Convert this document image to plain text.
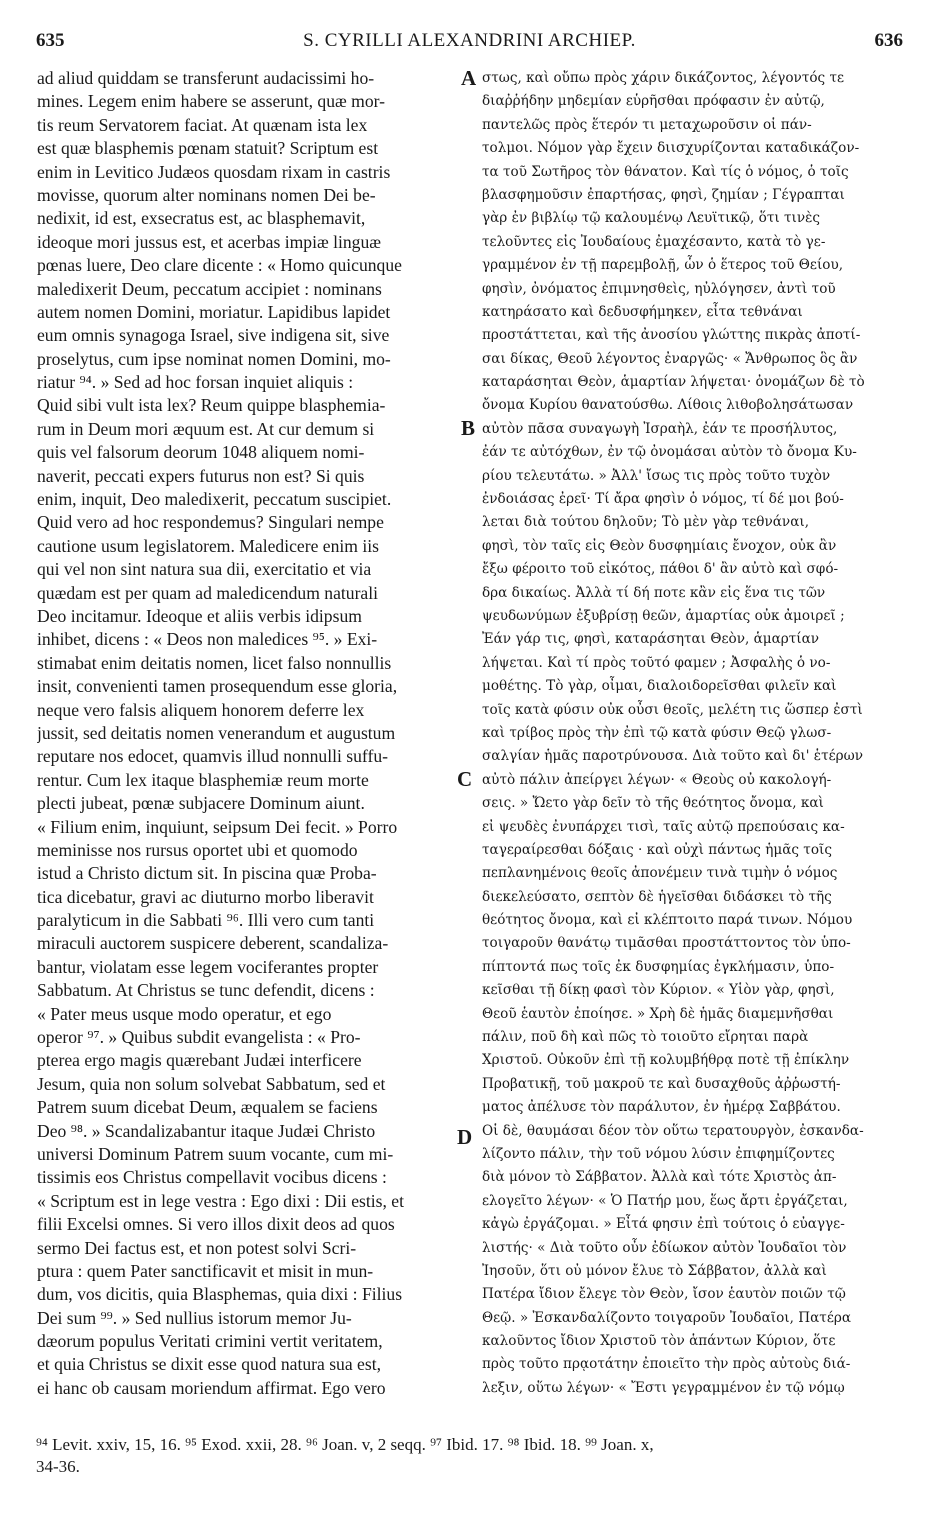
635	S. CYRILLI ALEXANDRINI ARCHIEP.	636
ad aliud quiddam se transferunt audacissimi ho-
mines. Legem enim habere se asserunt, quæ mor-
tis reum Servatorem faciat. At quænam ista lex
est quæ blasphemis pœnam statuit? Scriptum est
enim in Levitico Judæos quosdam rixam in castris
movisse, quorum alter nominans nomen Dei be-
nedixit, id est, exsecratus est, ac blasphemavit,
ideoque mori jussus est, et acerbas impiæ linguæ
pœnas luere, Deo clare dicente : « Homo quicunque
maledixerit Deum, peccatum accipiet : nominans
autem nomen Domini, moriatur. Lapidibus lapidet
eum omnis synagoga Israel, sive indigena sit, sive
proselytus, cum ipse nominat nomen Domini, mo-
riatur ⁹⁴. » Sed ad hoc forsan inquiet aliquis :
Quid sibi vult ista lex? Reum quippe blasphemia-
rum in Deum mori æquum est. At cur demum si
quis vel falsorum deorum 1048 aliquem nomi-
naverit, peccati expers futurus non est? Si quis
enim, inquit, Deo maledixerit, peccatum suscipiet.
Quid vero ad hoc respondemus? Singulari nempe
cautione usum legislatorem. Maledicere enim iis
qui vel non sint natura sua dii, exercitatio et via
quædam est per quam ad maledicendum naturali
Deo incitamur. Ideoque et aliis verbis idipsum
inhibet, dicens : « Deos non maledices ⁹⁵. » Exi-
stimabat enim deitatis nomen, licet falso nonnullis
insit, convenienti tamen prosequendum esse gloria,
neque vero falsis aliquem honorem deferre lex
jussit, sed deitatis nomen venerandum et augustum
reputare nos edocet, quamvis illud nonnulli suffu-
rentur. Cum lex itaque blasphemiæ reum morte
plecti jubeat, pœnæ subjacere Dominum aiunt.
« Filium enim, inquiunt, seipsum Dei fecit. » Porro
meminisse nos rursus oportet ubi et quomodo
istud a Christo dictum sit. In piscina quæ Proba-
tica dicebatur, gravi ac diuturno morbo liberavit
paralyticum in die Sabbati ⁹⁶. Illi vero cum tanti
miraculi auctorem suspicere deberent, scandaliza-
bantur, violatam esse legem vociferantes propter
Sabbatum. At Christus se tunc defendit, dicens :
« Pater meus usque modo operatur, et ego
operor ⁹⁷. » Quibus subdit evangelista : « Pro-
pterea ergo magis quærebant Judæi interficere
Jesum, quia non solum solvebat Sabbatum, sed et
Patrem suum dicebat Deum, æqualem se faciens
Deo ⁹⁸. » Scandalizabantur itaque Judæi Christo
universi Dominum Patrem suum vocante, cum mi-
tissimis eos Christus compellavit vocibus dicens :
« Scriptum est in lege vestra : Ego dixi : Dii estis, et
filii Excelsi omnes. Si vero illos dixit deos ad quos
sermo Dei factus est, et non potest solvi Scri-
ptura : quem Pater sanctificavit et misit in mun-
dum, vos dicitis, quia Blasphemas, quia dixi : Filius
Dei sum ⁹⁹. » Sed nullius istorum memor Ju-
dæorum populus Veritati crimini vertit veritatem,
et quia Christus se dixit esse quod natura sua est,
ei hanc ob causam moriendum affirmat. Ego vero
στως, καὶ οὔπω πρὸς χάριν δικάζοντος, λέγοντός τε
διαῤῥήδην μηδεμίαν εὑρῆσθαι πρόφασιν ἐν αὐτῷ,
παντελῶς πρὸς ἕτερόν τι μεταχωροῦσιν οἱ πάν-
τολμοι. Νόμον γὰρ ἔχειν διισχυρίζονται καταδικάζον-
τα τοῦ Σωτῆρος τὸν θάνατον. Καὶ τίς ὁ νόμος, ὁ τοῖς
βλασφημοῦσιν ἐπαρτήσας, φησὶ, ζημίαν ; Γέγραπται
γὰρ ἐν βιβλίῳ τῷ καλουμένῳ Λευϊτικῷ, ὅτι τινὲς
τελοῦντες εἰς Ἰουδαίους ἐμαχέσαντο, κατὰ τὸ γε-
γραμμένον ἐν τῇ παρεμβολῇ, ὧν ὁ ἕτερος τοῦ Θείου,
φησὶν, ὀνόματος ἐπιμνησθεὶς, ηὐλόγησεν, ἀντὶ τοῦ
κατηράσατο καὶ δεδυσφήμηκεν, εἶτα τεθνάναι
προστάττεται, καὶ τῆς ἀνοσίου γλώττης πικρὰς ἀποτί-
σαι δίκας, Θεοῦ λέγοντος ἐναργῶς· « Ἄνθρωπος ὃς ἂν
καταράσηται Θεὸν, ἁμαρτίαν λήψεται· ὀνομάζων δὲ τὸ
ὄνομα Κυρίου θανατούσθω. Λίθοις λιθοβολησάτωσαν
αὐτὸν πᾶσα συναγωγὴ Ἰσραὴλ, ἐάν τε προσήλυτος,
ἐάν τε αὐτόχθων, ἐν τῷ ὀνομάσαι αὐτὸν τὸ ὄνομα Κυ-
ρίου τελευτάτω. » Ἀλλ' ἴσως τις πρὸς τοῦτο τυχὸν
ἐνδοιάσας ἐρεῖ· Τί ἄρα φησὶν ὁ νόμος, τί δέ μοι βού-
λεται διὰ τούτου δηλοῦν; Τὸ μὲν γὰρ τεθνάναι,
φησὶ, τὸν ταῖς εἰς Θεὸν δυσφημίαις ἔνοχον, οὐκ ἂν
ἔξω φέροιτο τοῦ εἰκότος, πάθοι δ' ἂν αὐτὸ καὶ σφό-
δρα δικαίως. Ἀλλὰ τί δή ποτε κἂν εἰς ἕνα τις τῶν
ψευδωνύμων ἐξυβρίσῃ θεῶν, ἁμαρτίας οὐκ ἀμοιρεῖ ;
Ἐάν γάρ τις, φησὶ, καταράσηται Θεὸν, ἁμαρτίαν
λήψεται. Καὶ τί πρὸς τοῦτό φαμεν ; Ἀσφαλὴς ὁ νο-
μοθέτης. Τὸ γὰρ, οἶμαι, διαλοιδορεῖσθαι φιλεῖν καὶ
τοῖς κατὰ φύσιν οὐκ οὖσι θεοῖς, μελέτη τις ὥσπερ ἐστὶ
καὶ τρίβος πρὸς τὴν ἐπὶ τῷ κατὰ φύσιν Θεῷ γλωσ-
σαλγίαν ἡμᾶς παροτρύνουσα. Διὰ τοῦτο καὶ δι' ἑτέρων
αὐτὸ πάλιν ἀπείργει λέγων· « Θεοὺς οὐ κακολογή-
σεις. » Ὤετο γὰρ δεῖν τὸ τῆς θεότητος ὄνομα, καὶ
εἰ ψευδὲς ἐνυπάρχει τισὶ, ταῖς αὐτῷ πρεπούσαις κα-
ταγεραίρεσθαι δόξαις · καὶ οὐχὶ πάντως ἡμᾶς τοῖς
πεπλανημένοις θεοῖς ἀπονέμειν τινὰ τιμὴν ὁ νόμος
διεκελεύσατο, σεπτὸν δὲ ἡγεῖσθαι διδάσκει τὸ τῆς
θεότητος ὄνομα, καὶ εἰ κλέπτοιτο παρά τινων. Νόμου
τοιγαροῦν θανάτῳ τιμᾶσθαι προστάττοντος τὸν ὑπο-
πίπτοντά πως τοῖς ἐκ δυσφημίας ἐγκλήμασιν, ὑπο-
κεῖσθαι τῇ δίκῃ φασὶ τὸν Κύριον. « Υἱὸν γὰρ, φησὶ,
Θεοῦ ἑαυτὸν ἐποίησε. » Χρὴ δὲ ἡμᾶς διαμεμνῆσθαι
πάλιν, ποῦ δὴ καὶ πῶς τὸ τοιοῦτο εἴρηται παρὰ
Χριστοῦ. Οὐκοῦν ἐπὶ τῇ κολυμβήθρᾳ ποτὲ τῇ ἐπίκλην
Προβατικῇ, τοῦ μακροῦ τε καὶ δυσαχθοῦς ἀῤῥωστή-
ματος ἀπέλυσε τὸν παράλυτον, ἐν ἡμέρᾳ Σαββάτου.
Οἱ δὲ, θαυμάσαι δέον τὸν οὕτω τερατουργὸν, ἐσκανδα-
λίζοντο πάλιν, τὴν τοῦ νόμου λύσιν ἐπιφημίζοντες
διὰ μόνον τὸ Σάββατον. Ἀλλὰ καὶ τότε Χριστὸς ἀπ-
ελογεῖτο λέγων· « Ὁ Πατήρ μου, ἕως ἄρτι ἐργάζεται,
κἀγὼ ἐργάζομαι. » Εἶτά φησιν ἐπὶ τούτοις ὁ εὐαγγε-
λιστής· « Διὰ τοῦτο οὖν ἐδίωκον αὐτὸν Ἰουδαῖοι τὸν
Ἰησοῦν, ὅτι οὐ μόνον ἔλυε τὸ Σάββατον, ἀλλὰ καὶ
Πατέρα ἴδιον ἔλεγε τὸν Θεὸν, ἴσον ἑαυτὸν ποιῶν τῷ
Θεῷ. » Ἐσκανδαλίζοντο τοιγαροῦν Ἰουδαῖοι, Πατέρα
καλοῦντος ἴδιον Χριστοῦ τὸν ἁπάντων Κύριον, ὅτε
πρὸς τοῦτο πρᾳοτάτην ἐποιεῖτο τὴν πρὸς αὐτοὺς διά-
λεξιν, οὕτω λέγων· « Ἔστι γεγραμμένον ἐν τῷ νόμῳ
A
B
C
D
⁹⁴ Levit. xxiv, 15, 16. ⁹⁵ Exod. xxii, 28. ⁹⁶ Joan. v, 2 seqq. ⁹⁷ Ibid. 17. ⁹⁸ Ibid. 18. ⁹⁹ Joan. x,
34-36.
